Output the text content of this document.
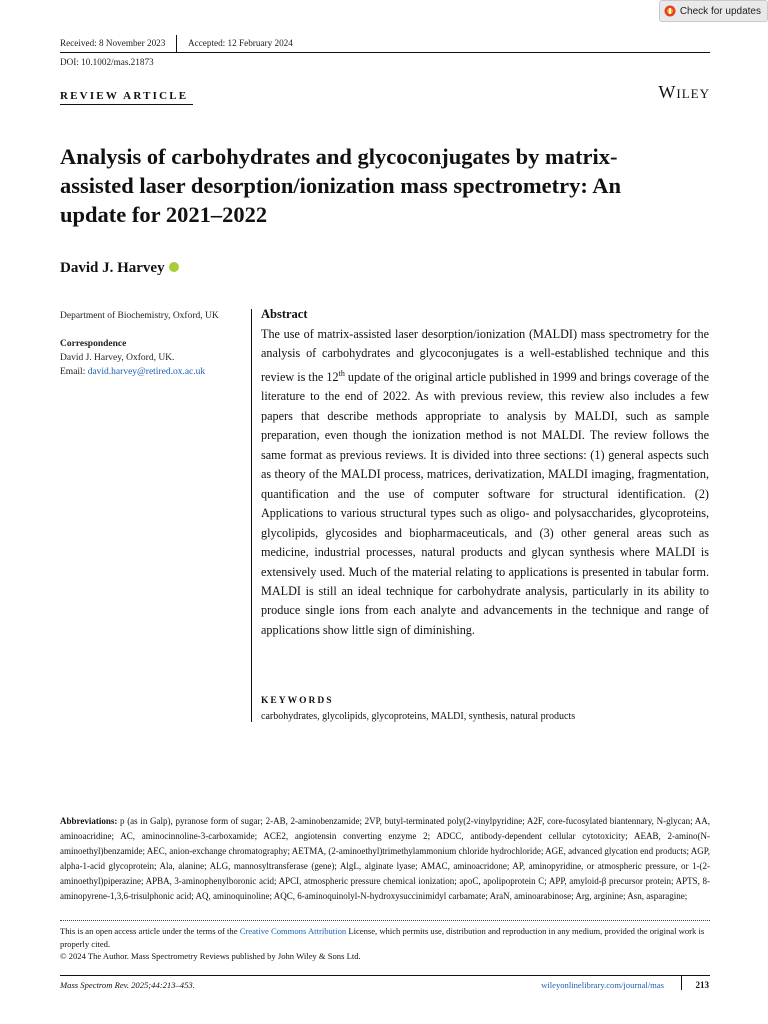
Check for updates
Received: 8 November 2023 Accepted: 12 February 2024
DOI: 10.1002/mas.21873
REVIEW ARTICLE	Wiley
Analysis of carbohydrates and glycoconjugates by matrix-assisted laser desorption/ionization mass spectrometry: An update for 2021–2022
David J. Harvey
Department of Biochemistry, Oxford, UK
Correspondence
David J. Harvey, Oxford, UK.
Email: david.harvey@retired.ox.ac.uk
Abstract

The use of matrix-assisted laser desorption/ionization (MALDI) mass spectrometry for the analysis of carbohydrates and glycoconjugates is a well-established technique and this review is the 12th update of the original article published in 1999 and brings coverage of the literature to the end of 2022. As with previous review, this review also includes a few papers that describe methods appropriate to analysis by MALDI, such as sample preparation, even though the ionization method is not MALDI. The review follows the same format as previous reviews. It is divided into three sections: (1) general aspects such as theory of the MALDI process, matrices, derivatization, MALDI imaging, fragmentation, quantification and the use of computer software for structural identification. (2) Applications to various structural types such as oligo- and polysaccharides, glycoproteins, glycolipids, glycosides and biopharmaceuticals, and (3) other general areas such as medicine, industrial processes, natural products and glycan synthesis where MALDI is extensively used. Much of the material relating to applications is presented in tabular form. MALDI is still an ideal technique for carbohydrate analysis, particularly in its ability to produce single ions from each analyte and advancements in the technique and range of applications show little sign of diminishing.

KEYWORDS
carbohydrates, glycolipids, glycoproteins, MALDI, synthesis, natural products

Abbreviations: p (as in Galp), pyranose form of sugar; 2-AB, 2-aminobenzamide; 2VP, butyl-terminated poly(2-vinylpyridine; A2F, core-fucosylated biantennary, N-glycan; AA, aminoacridine; AC, aminocinnoline-3-carboxamide; ACE2, angiotensin converting enzyme 2; ADCC, antibody-dependent cellular cytotoxicity; AEAB, 2-amino(N-aminoethyl)benzamide; AEC, anion-exchange chromatography; AETMA, (2-aminoethyl)trimethylammonium chloride hydrochloride; AGE, advanced glycation end products; AGP, alpha-1-acid glycoprotein; Ala, alanine; ALG, mannosyltransferase (gene); AlgL, alginate lyase; AMAC, aminoacridone; AP, aminopyridine, or atmospheric pressure, or 1-(2-aminoethyl)piperazine; APBA, 3-aminophenylboronic acid; APCI, atmospheric pressure chemical ionization; apoC, apolipoprotein C; APP, amyloid-β precursor protein; APTS, 8-aminopyrene-1,3,6-trisulphonic acid; AQ, aminoquinoline; AQC, 6-aminoquinolyl-N-hydroxysuccinimidyl carbamate; AraN, aminoarabinose; Arg, arginine; Asn, asparagine;

This is an open access article under the terms of the Creative Commons Attribution License, which permits use, distribution and reproduction in any medium, provided the original work is properly cited.

© 2024 The Author. Mass Spectrometry Reviews published by John Wiley & Sons Ltd.
Mass Spectrom Rev. 2025;44:213–453.	wileyonlinelibrary.com/journal/mas	213
